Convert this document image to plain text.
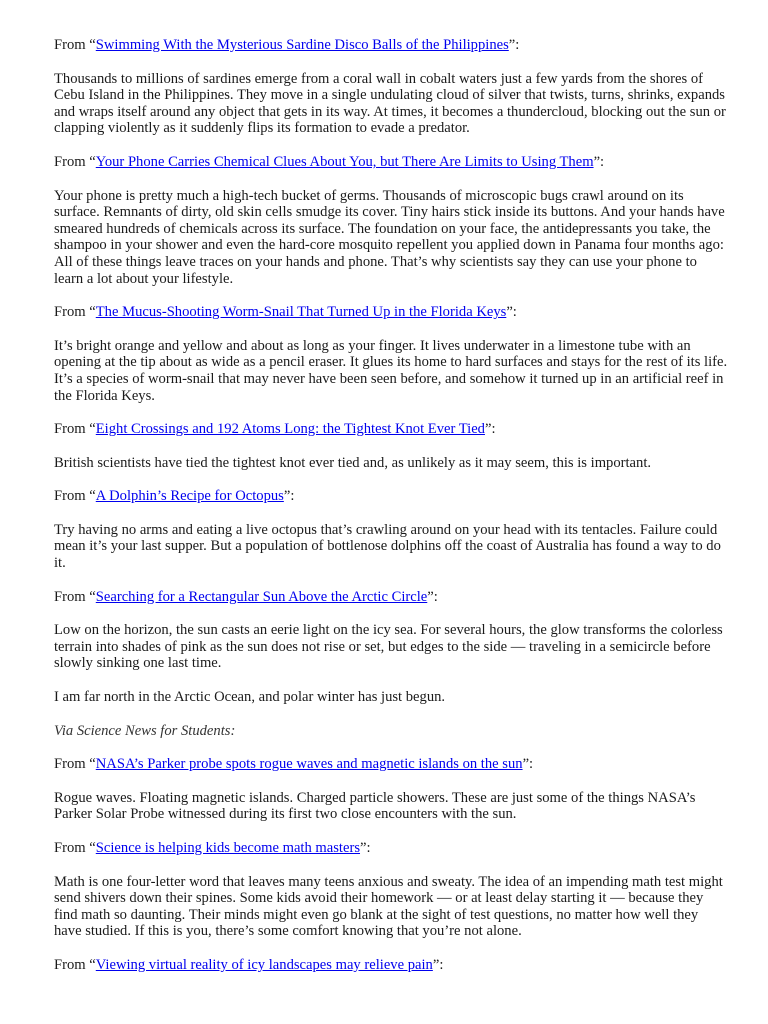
From “Swimming With the Mysterious Sardine Disco Balls of the Philippines”:

Thousands to millions of sardines emerge from a coral wall in cobalt waters just a few yards from the shores of Cebu Island in the Philippines. They move in a single undulating cloud of silver that twists, turns, shrinks, expands and wraps itself around any object that gets in its way. At times, it becomes a thundercloud, blocking out the sun or clapping violently as it suddenly flips its formation to evade a predator.

From “Your Phone Carries Chemical Clues About You, but There Are Limits to Using Them”:

Your phone is pretty much a high-tech bucket of germs. Thousands of microscopic bugs crawl around on its surface. Remnants of dirty, old skin cells smudge its cover. Tiny hairs stick inside its buttons. And your hands have smeared hundreds of chemicals across its surface. The foundation on your face, the antidepressants you take, the shampoo in your shower and even the hard-core mosquito repellent you applied down in Panama four months ago: All of these things leave traces on your hands and phone. That’s why scientists say they can use your phone to learn a lot about your lifestyle.

From “The Mucus-Shooting Worm-Snail That Turned Up in the Florida Keys”:

It’s bright orange and yellow and about as long as your finger. It lives underwater in a limestone tube with an opening at the tip about as wide as a pencil eraser. It glues its home to hard surfaces and stays for the rest of its life. It’s a species of worm-snail that may never have been seen before, and somehow it turned up in an artificial reef in the Florida Keys.

From “Eight Crossings and 192 Atoms Long: the Tightest Knot Ever Tied”:

British scientists have tied the tightest knot ever tied and, as unlikely as it may seem, this is important.

From “A Dolphin’s Recipe for Octopus”:

Try having no arms and eating a live octopus that’s crawling around on your head with its tentacles. Failure could mean it’s your last supper. But a population of bottlenose dolphins off the coast of Australia has found a way to do it.

From “Searching for a Rectangular Sun Above the Arctic Circle”:

Low on the horizon, the sun casts an eerie light on the icy sea. For several hours, the glow transforms the colorless terrain into shades of pink as the sun does not rise or set, but edges to the side — traveling in a semicircle before slowly sinking one last time.

I am far north in the Arctic Ocean, and polar winter has just begun.

Via Science News for Students:

From “NASA’s Parker probe spots rogue waves and magnetic islands on the sun”:

Rogue waves. Floating magnetic islands. Charged particle showers. These are just some of the things NASA’s Parker Solar Probe witnessed during its first two close encounters with the sun.

From “Science is helping kids become math masters”:

Math is one four-letter word that leaves many teens anxious and sweaty. The idea of an impending math test might send shivers down their spines. Some kids avoid their homework — or at least delay starting it — because they find math so daunting. Their minds might even go blank at the sight of test questions, no matter how well they have studied. If this is you, there’s some comfort knowing that you’re not alone.

From “Viewing virtual reality of icy landscapes may relieve pain”:
